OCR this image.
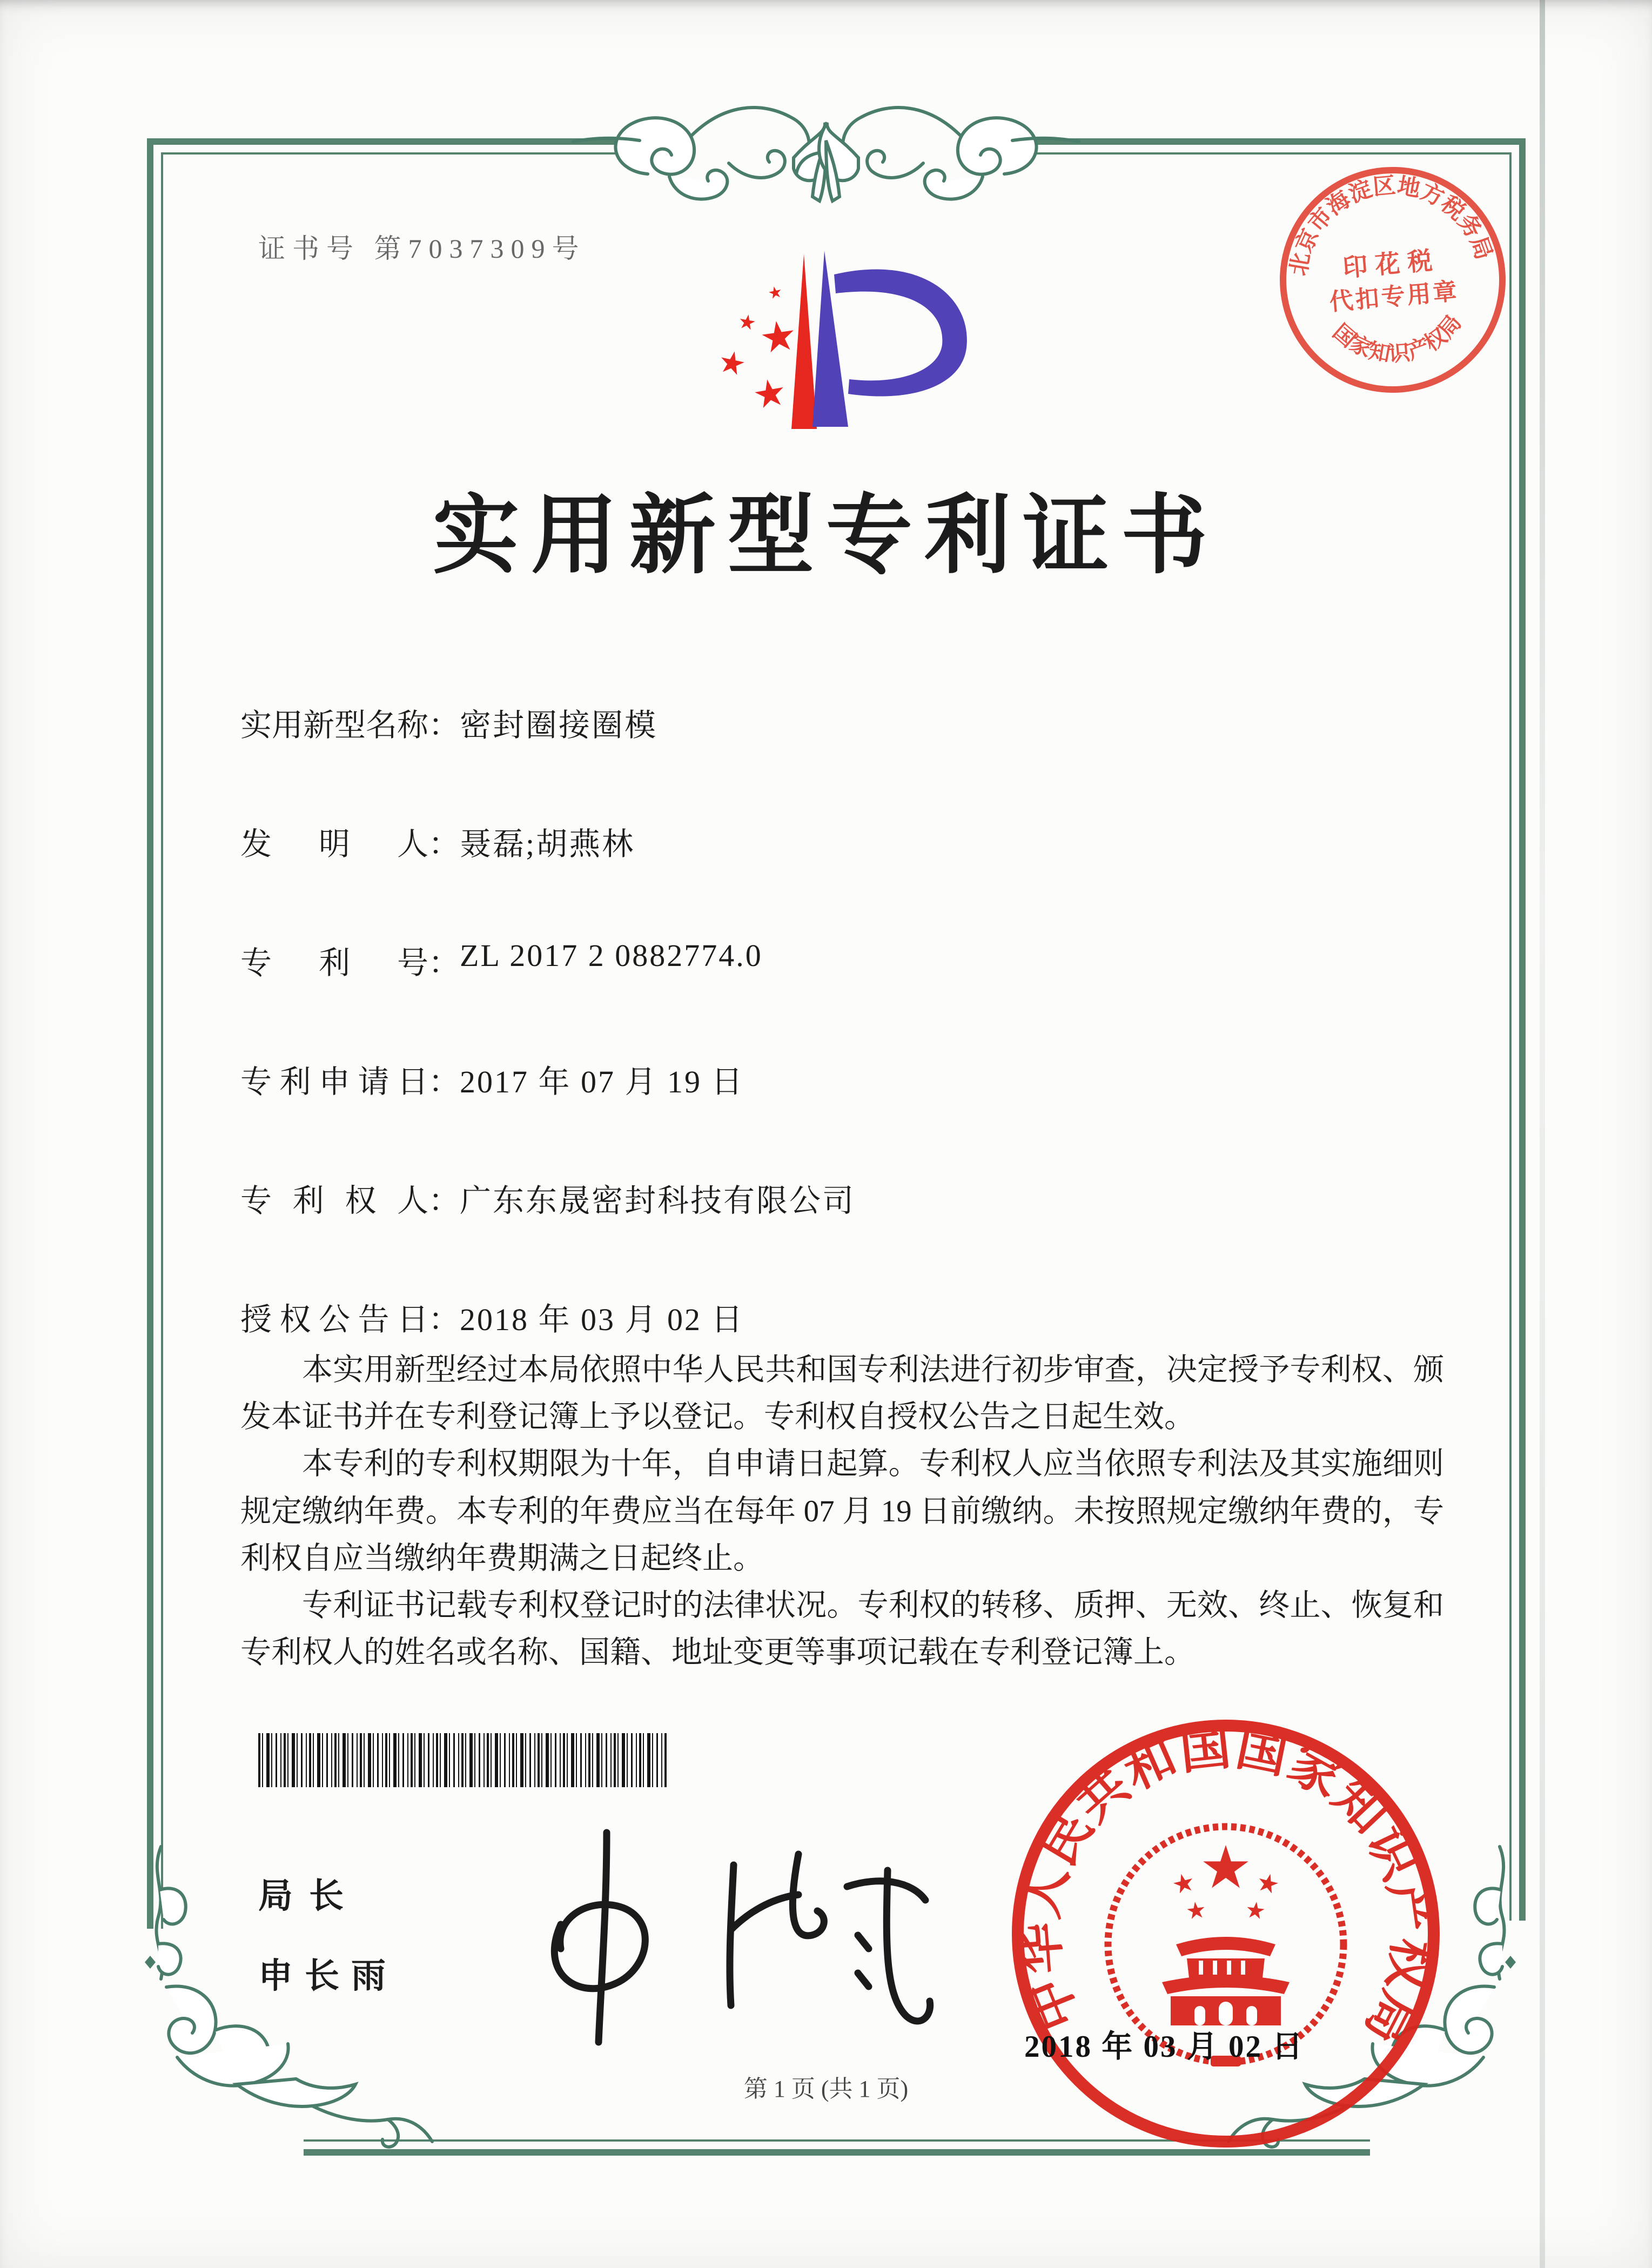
证书号 第7037309号
北京市海淀区地方税务局
国家知识产权局
印花税
代扣专用章
实用新型专利证书
实用新型名称：密封圈接圈模
发明人：聂磊;胡燕林
专利号：ZL 2017 2 0882774.0
专利申请日：2017 年 07 月 19 日
专利权人：广东东晟密封科技有限公司
授权公告日：2018 年 03 月 02 日

本实用新型经过本局依照中华人民共和国专利法进行初步审查，决定授予专利权、颁发本证书并在专利登记簿上予以登记。专利权自授权公告之日起生效。

本专利的专利权期限为十年，自申请日起算。专利权人应当依照专利法及其实施细则规定缴纳年费。本专利的年费应当在每年 07 月 19 日前缴纳。未按照规定缴纳年费的，专利权自应当缴纳年费期满之日起终止。

专利证书记载专利权登记时的法律状况。专利权的转移、质押、无效、终止、恢复和专利权人的姓名或名称、国籍、地址变更等事项记载在专利登记簿上。

局长
申长雨	中华人民共和国国家知识产权局
2018 年 03 月 02 日
第 1 页 (共 1 页)
